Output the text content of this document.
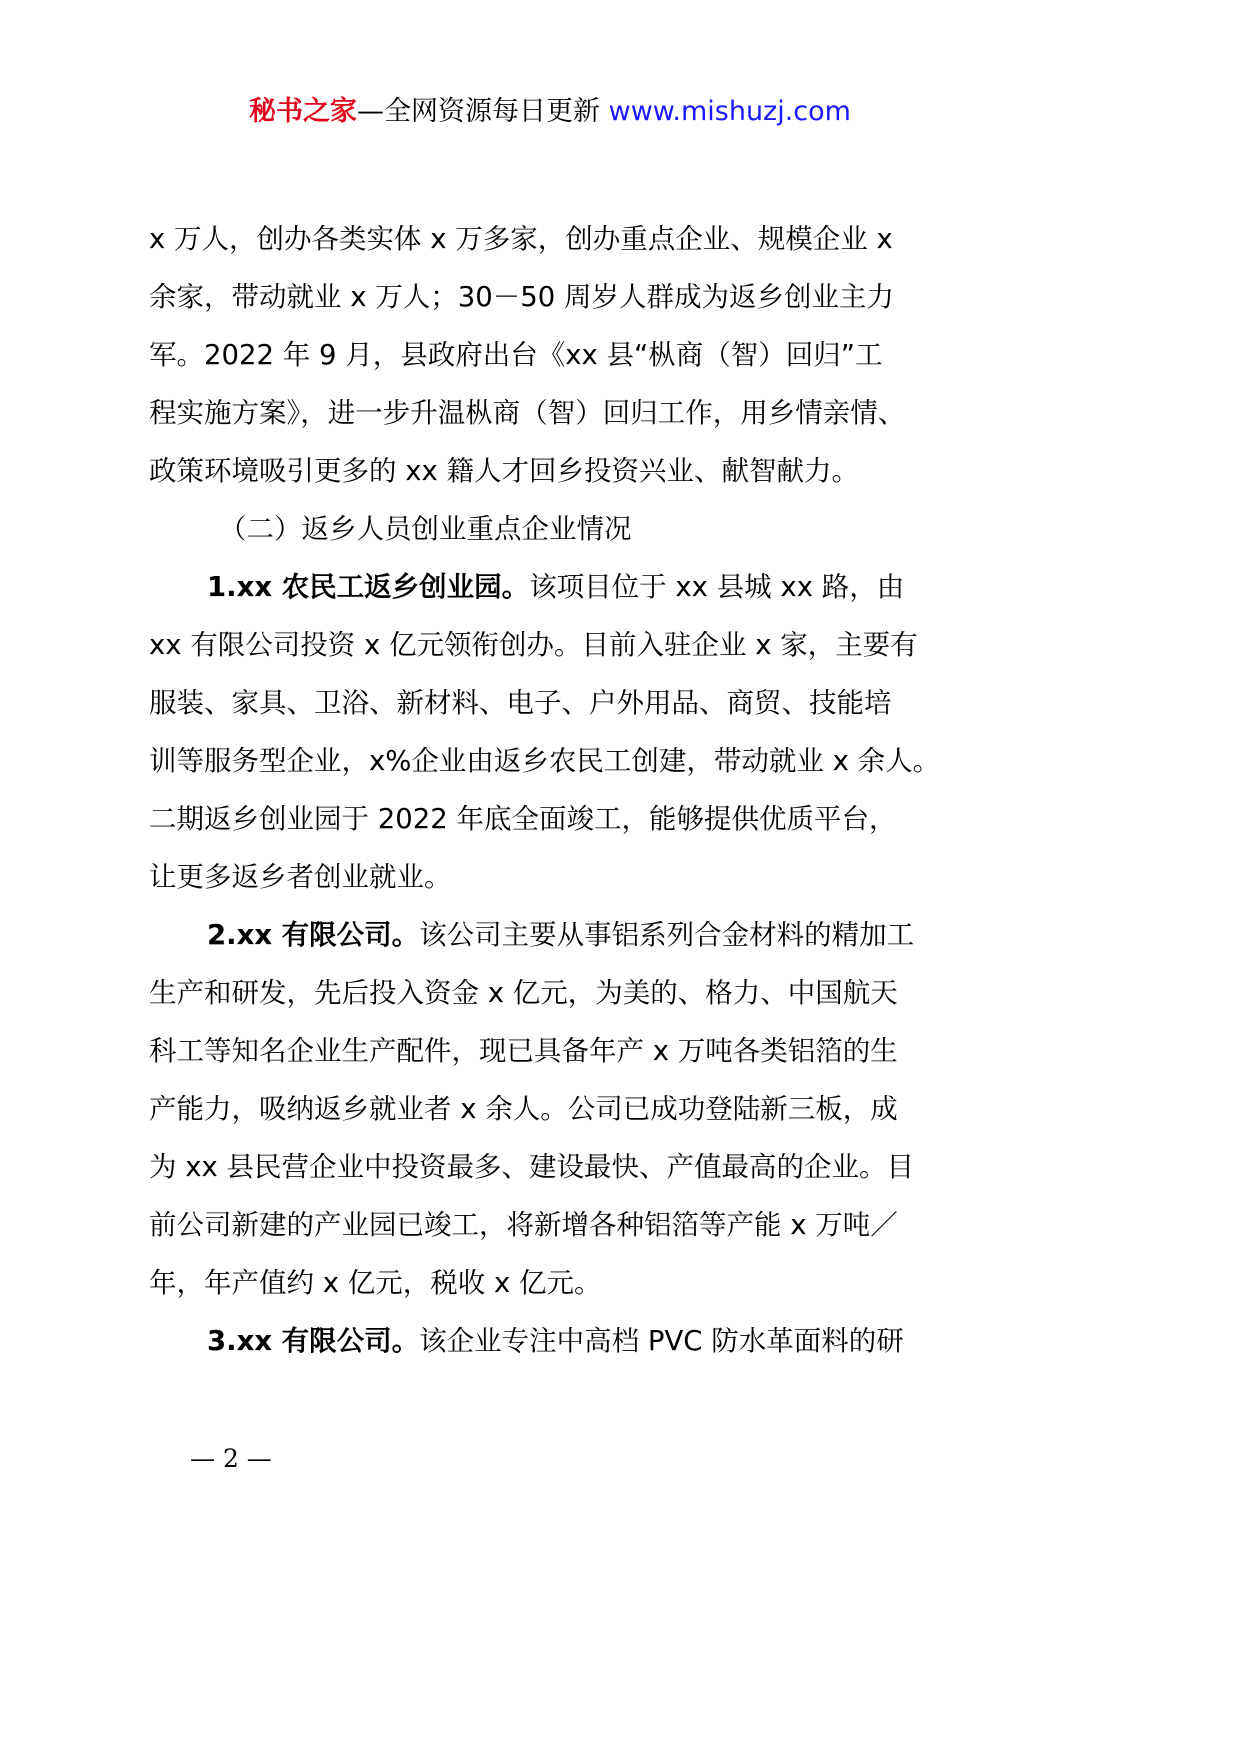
秘书之家—全网资源每日更新 www.mishuzj.com
x 万人，创办各类实体 x 万多家，创办重点企业、规模企业 x
余家，带动就业 x 万人；30－50 周岁人群成为返乡创业主力
军。2022 年 9 月，县政府出台《xx 县“枞商（智）回归”工
程实施方案》，进一步升温枞商（智）回归工作，用乡情亲情、
政策环境吸引更多的 xx 籍人才回乡投资兴业、献智献力。
（二）返乡人员创业重点企业情况
1.xx 农民工返乡创业园。 该项目位于 xx 县城 xx 路，由
xx 有限公司投资 x 亿元领衔创办。目前入驻企业 x 家，主要有
服装、家具、卫浴、新材料、电子、户外用品、商贸、技能培
训等服务型企业，x%企业由返乡农民工创建，带动就业 x 余人。
二期返乡创业园于 2022 年底全面竣工，能够提供优质平台，
让更多返乡者创业就业。
2.xx 有限公司。 该公司主要从事铝系列合金材料的精加工
生产和研发，先后投入资金 x 亿元，为美的、格力、中国航天
科工等知名企业生产配件，现已具备年产 x 万吨各类铝箔的生
产能力，吸纳返乡就业者 x 余人。公司已成功登陆新三板，成
为 xx 县民营企业中投资最多、建设最快、产值最高的企业。目
前公司新建的产业园已竣工，将新增各种铝箔等产能 x 万吨／
年，年产值约 x 亿元，税收 x 亿元。
3.xx 有限公司。 该企业专注中高档 PVC 防水革面料的研
— 2 —
